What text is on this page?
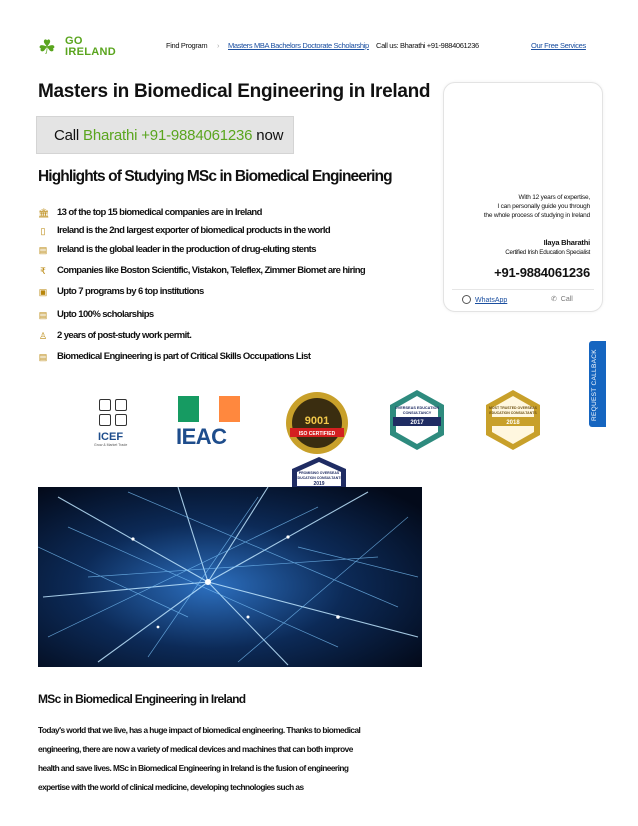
☘ GO
IRELAND
Find Program › Masters MBA Bachelors Doctorate Scholarship Call us: Bharathi +91-9884061236	Our Free Services
Masters in Biomedical Engineering in Ireland
Call Bharathi +91-9884061236 now
Highlights of Studying MSc in Biomedical Engineering
🏛 13 of the top 15 biomedical companies are in Ireland
▯ Ireland is the 2nd largest exporter of biomedical products in the world
▤ Ireland is the global leader in the production of drug-eluting stents
₹ Companies like Boston Scientific, Vistakon, Teleflex, Zimmer Biomet are hiring
▣ Upto 7 programs by 6 top institutions
▤ Upto 100% scholarships
♙ 2 years of post-study work permit.
▤ Biomedical Engineering is part of Critical Skills Occupations List
With 12 years of expertise,
I can personally guide you through
the whole process of studying in Ireland
Ilaya Bharathi
Certified Irish Education Specialist
+91-9884061236
WhatsApp	✆ Call
REQUEST CALLBACK
ICEF
Grow & Market Trade IEAC
9001
ISO CERTIFIED
OVERSEAS EDUCATION
CONSULTANCY
2017
MOST TRUSTED OVERSEAS
EDUCATION CONSULTANTS
2018
PROMISING OVERSEAS
EDUCATION CONSULTANTS
2019
MSc in Biomedical Engineering in Ireland

Today's world that we live, has a huge impact of biomedical engineering. Thanks to biomedical

engineering, there are now a variety of medical devices and machines that can both improve

health and save lives. MSc in Biomedical Engineering in Ireland is the fusion of engineering

expertise with the world of clinical medicine, developing technologies such as
